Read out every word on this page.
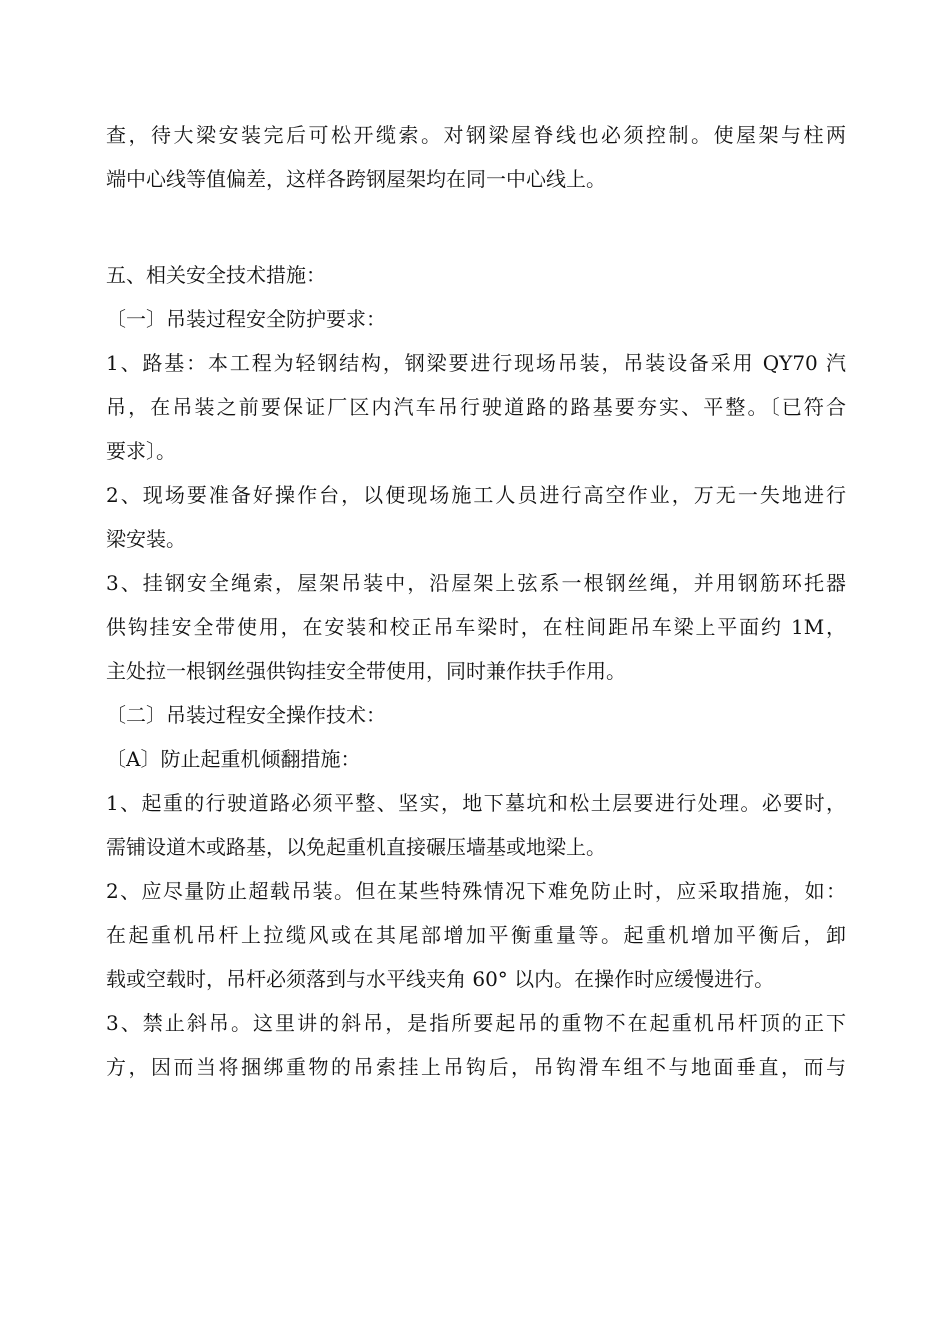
查，待大梁安装完后可松开缆索。对钢梁屋脊线也必须控制。使屋架与柱两
端中心线等值偏差，这样各跨钢屋架均在同一中心线上。
五、相关安全技术措施：
〔一〕吊装过程安全防护要求：
1、路基：本工程为轻钢结构，钢梁要进行现场吊装，吊装设备采用 QY70 汽
吊，在吊装之前要保证厂区内汽车吊行驶道路的路基要夯实、平整。〔已符合
要求〕。
2、现场要准备好操作台，以便现场施工人员进行高空作业，万无一失地进行
梁安装。
3、挂钢安全绳索，屋架吊装中，沿屋架上弦系一根钢丝绳，并用钢筋环托器
供钩挂安全带使用，在安装和校正吊车梁时，在柱间距吊车梁上平面约 1M，
主处拉一根钢丝强供钩挂安全带使用，同时兼作扶手作用。
〔二〕吊装过程安全操作技术：
〔A〕防止起重机倾翻措施：
1、起重的行驶道路必须平整、坚实，地下墓坑和松土层要进行处理。必要时，
需铺设道木或路基，以免起重机直接碾压墙基或地梁上。
2、应尽量防止超载吊装。但在某些特殊情况下难免防止时，应采取措施，如：
在起重机吊杆上拉缆风或在其尾部增加平衡重量等。起重机增加平衡后，卸
载或空载时，吊杆必须落到与水平线夹角 60° 以内。在操作时应缓慢进行。
3、禁止斜吊。这里讲的斜吊，是指所要起吊的重物不在起重机吊杆顶的正下
方，因而当将捆绑重物的吊索挂上吊钩后，吊钩滑车组不与地面垂直，而与
